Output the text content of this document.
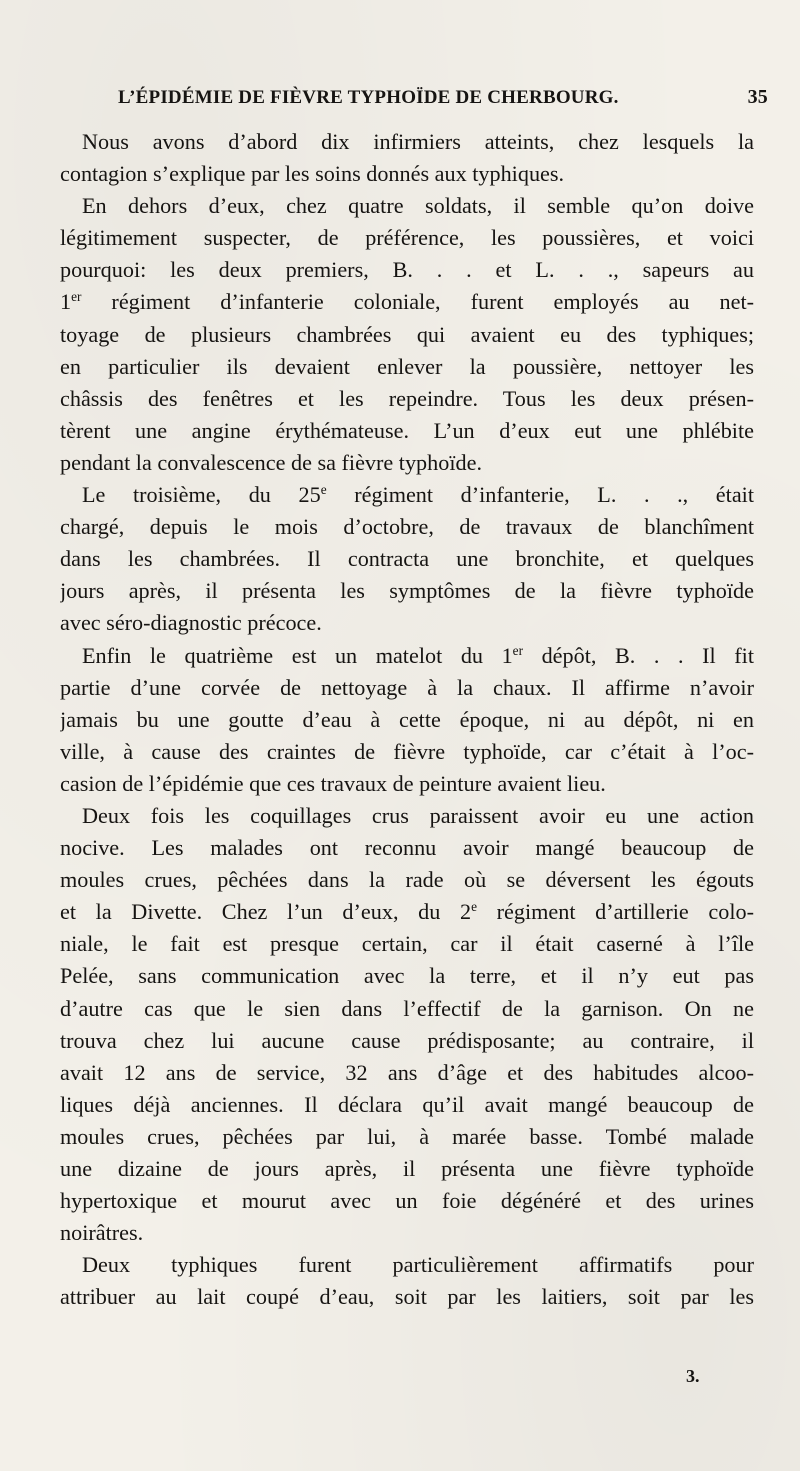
L’ÉPIDÉMIE DE FIÈVRE TYPHOÏDE DE CHERBOURG.	35
Nous avons d’abord dix infirmiers atteints, chez lesquels la
contagion s’explique par les soins donnés aux typhiques.
En dehors d’eux, chez quatre soldats, il semble qu’on doive
légitimement suspecter, de préférence, les poussières, et voici
pourquoi: les deux premiers, B. . . et L. . ., sapeurs au
1er régiment d’infanterie coloniale, furent employés au net-
toyage de plusieurs chambrées qui avaient eu des typhiques;
en particulier ils devaient enlever la poussière, nettoyer les
châssis des fenêtres et les repeindre. Tous les deux présen-
tèrent une angine érythémateuse. L’un d’eux eut une phlébite
pendant la convalescence de sa fièvre typhoïde.
Le troisième, du 25e régiment d’infanterie, L. . ., était
chargé, depuis le mois d’octobre, de travaux de blanchîment
dans les chambrées. Il contracta une bronchite, et quelques
jours après, il présenta les symptômes de la fièvre typhoïde
avec séro-diagnostic précoce.
Enfin le quatrième est un matelot du 1er dépôt, B. . . Il fit
partie d’une corvée de nettoyage à la chaux. Il affirme n’avoir
jamais bu une goutte d’eau à cette époque, ni au dépôt, ni en
ville, à cause des craintes de fièvre typhoïde, car c’était à l’oc-
casion de l’épidémie que ces travaux de peinture avaient lieu.
Deux fois les coquillages crus paraissent avoir eu une action
nocive. Les malades ont reconnu avoir mangé beaucoup de
moules crues, pêchées dans la rade où se déversent les égouts
et la Divette. Chez l’un d’eux, du 2e régiment d’artillerie colo-
niale, le fait est presque certain, car il était caserné à l’île
Pelée, sans communication avec la terre, et il n’y eut pas
d’autre cas que le sien dans l’effectif de la garnison. On ne
trouva chez lui aucune cause prédisposante; au contraire, il
avait 12 ans de service, 32 ans d’âge et des habitudes alcoo-
liques déjà anciennes. Il déclara qu’il avait mangé beaucoup de
moules crues, pêchées par lui, à marée basse. Tombé malade
une dizaine de jours après, il présenta une fièvre typhoïde
hypertoxique et mourut avec un foie dégénéré et des urines
noirâtres.
Deux typhiques furent particulièrement affirmatifs pour
attribuer au lait coupé d’eau, soit par les laitiers, soit par les
3.
